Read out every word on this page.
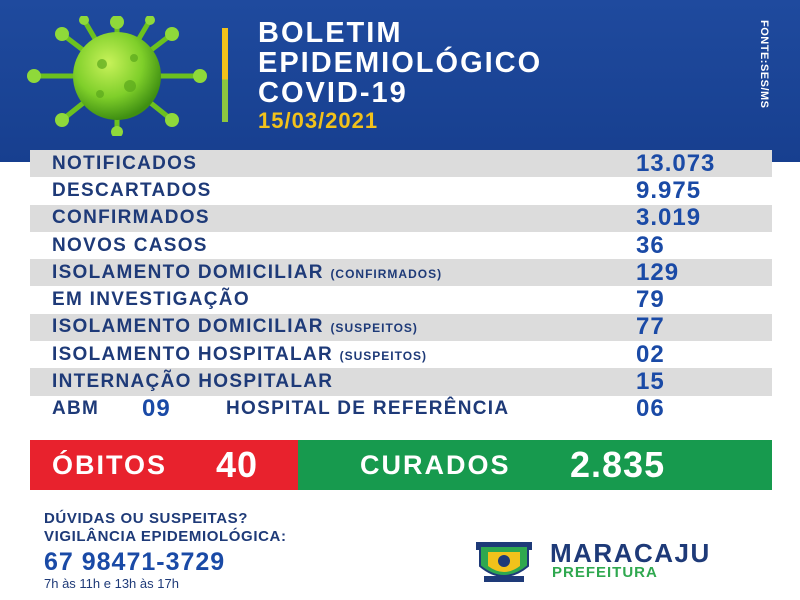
BOLETIM
EPIDEMIOLÓGICO
COVID-19
15/03/2021
FONTE:SES/MS
NOTIFICADOS	13.073
DESCARTADOS	9.975
CONFIRMADOS	3.019
NOVOS CASOS	36
ISOLAMENTO DOMICILIAR (CONFIRMADOS)	129
EM INVESTIGAÇÃO	79
ISOLAMENTO DOMICILIAR (SUSPEITOS)	77
ISOLAMENTO HOSPITALAR (SUSPEITOS)	02
INTERNAÇÃO HOSPITALAR	15
ABM 09	HOSPITAL DE REFERÊNCIA	06
ÓBITOS 40	CURADOS 2.835
DÚVIDAS OU SUSPEITAS?
VIGILÂNCIA EPIDEMIOLÓGICA:
67 98471-3729
7h às 11h e 13h às 17h
MARACAJU
PREFEITURA
